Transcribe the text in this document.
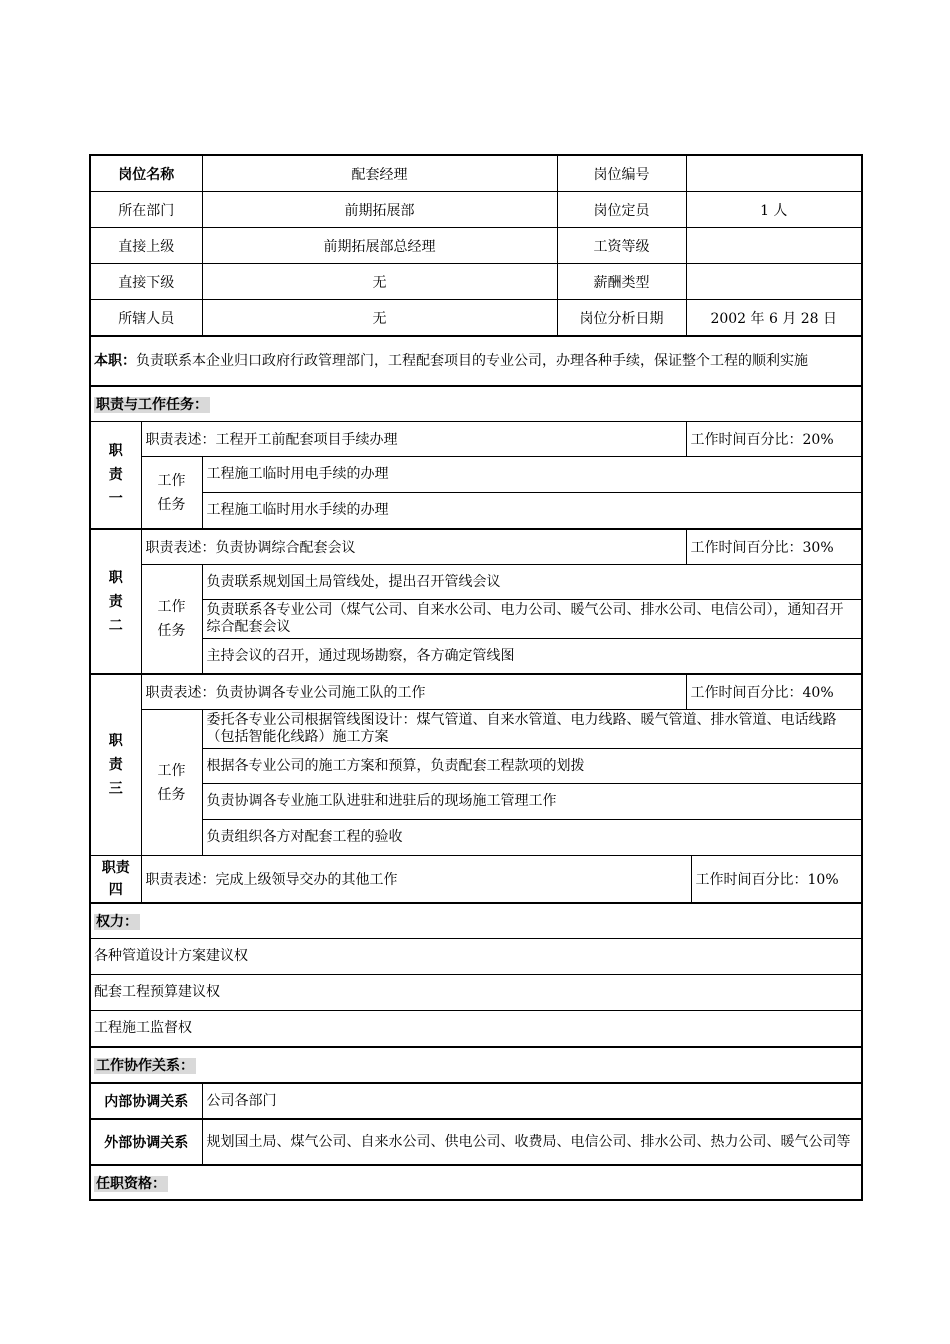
岗位名称		配套经理	岗位编号		
所在部门		前期拓展部	岗位定员	1 人	
直接上级		前期拓展部总经理	工资等级		
直接下级		无	薪酬类型		
所辖人员		无	岗位分析日期	2002 年 6 月 28 日	
本职：负责联系本企业归口政府行政管理部门，工程配套项目的专业公司，办理各种手续，保证整个工程的顺利实施					
职责与工作任务：					
职责一	职责表述：工程开工前配套项目手续办理			工作时间百分比：20%	
	工作任务	工程施工临时用电手续的办理			
		工程施工临时用水手续的办理			
职责二	职责表述：负责协调综合配套会议			工作时间百分比：30%	
	工作任务	负责联系规划国土局管线处，提出召开管线会议			
		负责联系各专业公司（煤气公司、自来水公司、电力公司、暖气公司、排水公司、电信公司），通知召开综合配套会议			
		主持会议的召开，通过现场勘察，各方确定管线图			
职责三	职责表述：负责协调各专业公司施工队的工作			工作时间百分比：40%	
	工作任务	委托各专业公司根据管线图设计：煤气管道、自来水管道、电力线路、暖气管道、排水管道、电话线路（包括智能化线路）施工方案			
		根据各专业公司的施工方案和预算，负责配套工程款项的划拨			
		负责协调各专业施工队进驻和进驻后的现场施工管理工作			
		负责组织各方对配套工程的验收			
职责四	职责表述：完成上级领导交办的其他工作				工作时间百分比：10%
权力：					
各种管道设计方案建议权					
配套工程预算建议权					
工程施工监督权					
工作协作关系：					
内部协调关系		公司各部门			
外部协调关系		规划国土局、煤气公司、自来水公司、供电公司、收费局、电信公司、排水公司、热力公司、暖气公司等			
任职资格：					
